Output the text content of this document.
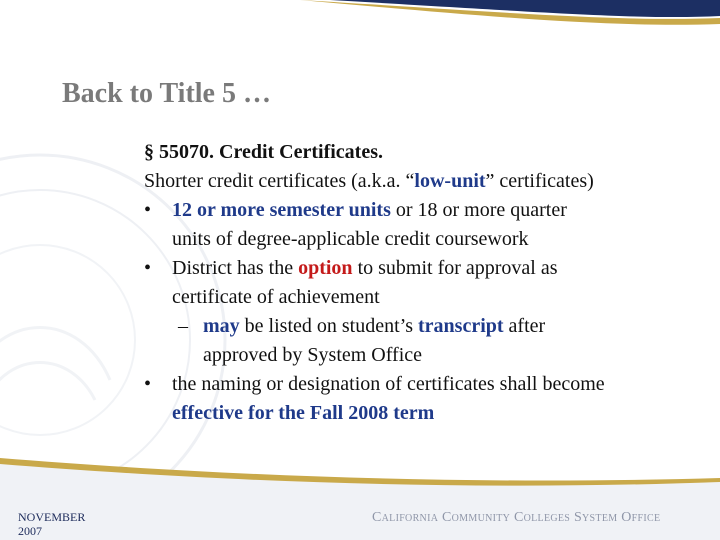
Back to Title 5 …
§ 55070. Credit Certificates.
Shorter credit certificates (a.k.a. “low-unit” certificates)
• 12 or more semester units or 18 or more quarter
units of degree-applicable credit coursework
• District has the option to submit for approval as
certificate of achievement
– may be listed on student’s transcript after
approved by System Office
• the naming or designation of certificates shall become
effective for the Fall 2008 term
NOVEMBER
2007
California Community Colleges System Office
